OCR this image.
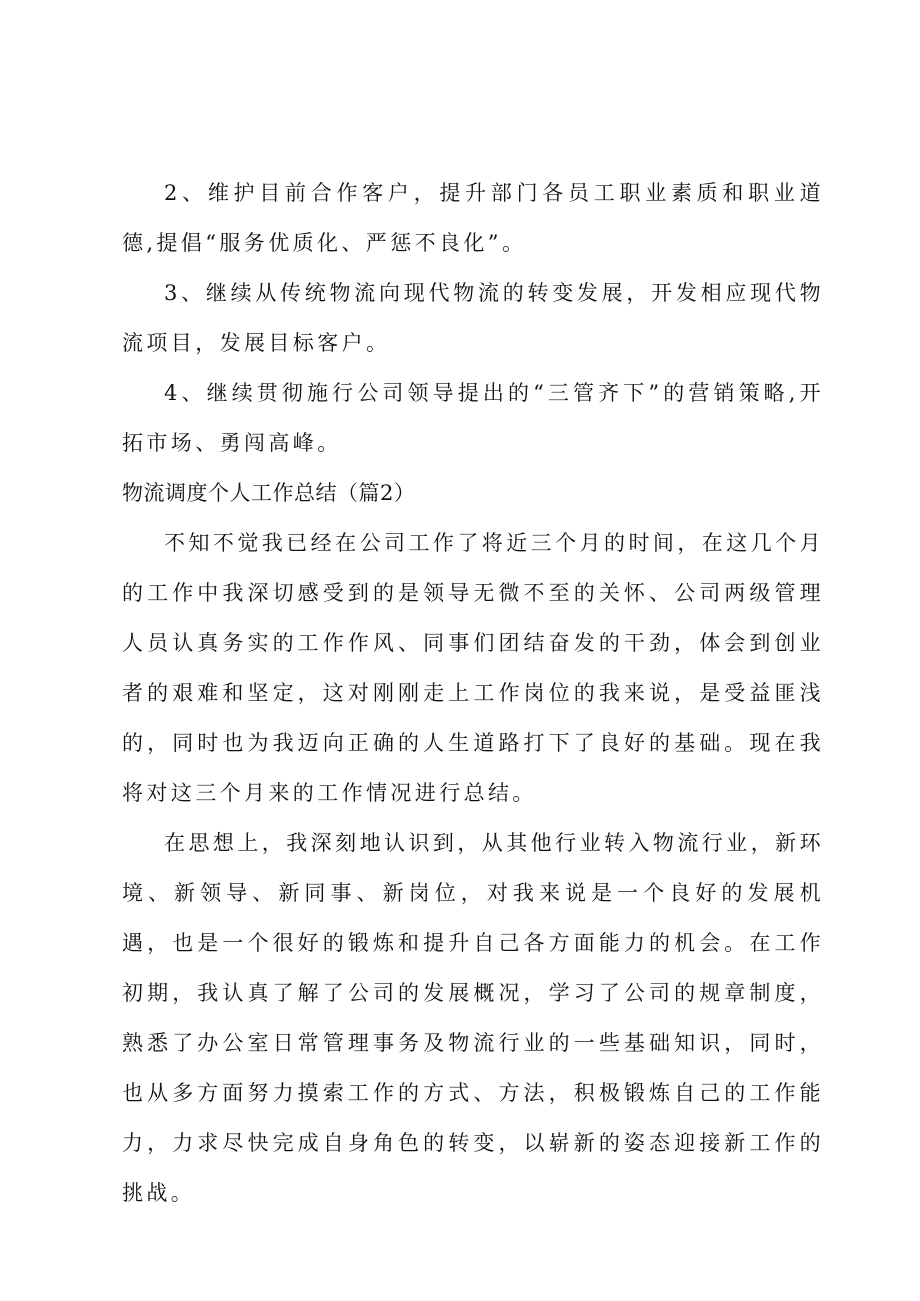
2、维护目前合作客户，提升部门各员工职业素质和职业道德,提倡“服务优质化、严惩不良化”。

3、继续从传统物流向现代物流的转变发展，开发相应现代物流项目，发展目标客户。

4、继续贯彻施行公司领导提出的“三管齐下”的营销策略,开拓市场、勇闯高峰。

物流调度个人工作总结（篇2）

不知不觉我已经在公司工作了将近三个月的时间，在这几个月的工作中我深切感受到的是领导无微不至的关怀、公司两级管理人员认真务实的工作作风、同事们团结奋发的干劲，体会到创业者的艰难和坚定，这对刚刚走上工作岗位的我来说，是受益匪浅的，同时也为我迈向正确的人生道路打下了良好的基础。现在我将对这三个月来的工作情况进行总结。

在思想上，我深刻地认识到，从其他行业转入物流行业，新环境、新领导、新同事、新岗位，对我来说是一个良好的发展机遇，也是一个很好的锻炼和提升自己各方面能力的机会。在工作初期，我认真了解了公司的发展概况，学习了公司的规章制度，熟悉了办公室日常管理事务及物流行业的一些基础知识，同时，也从多方面努力摸索工作的方式、方法，积极锻炼自己的工作能力，力求尽快完成自身角色的转变，以崭新的姿态迎接新工作的挑战。
